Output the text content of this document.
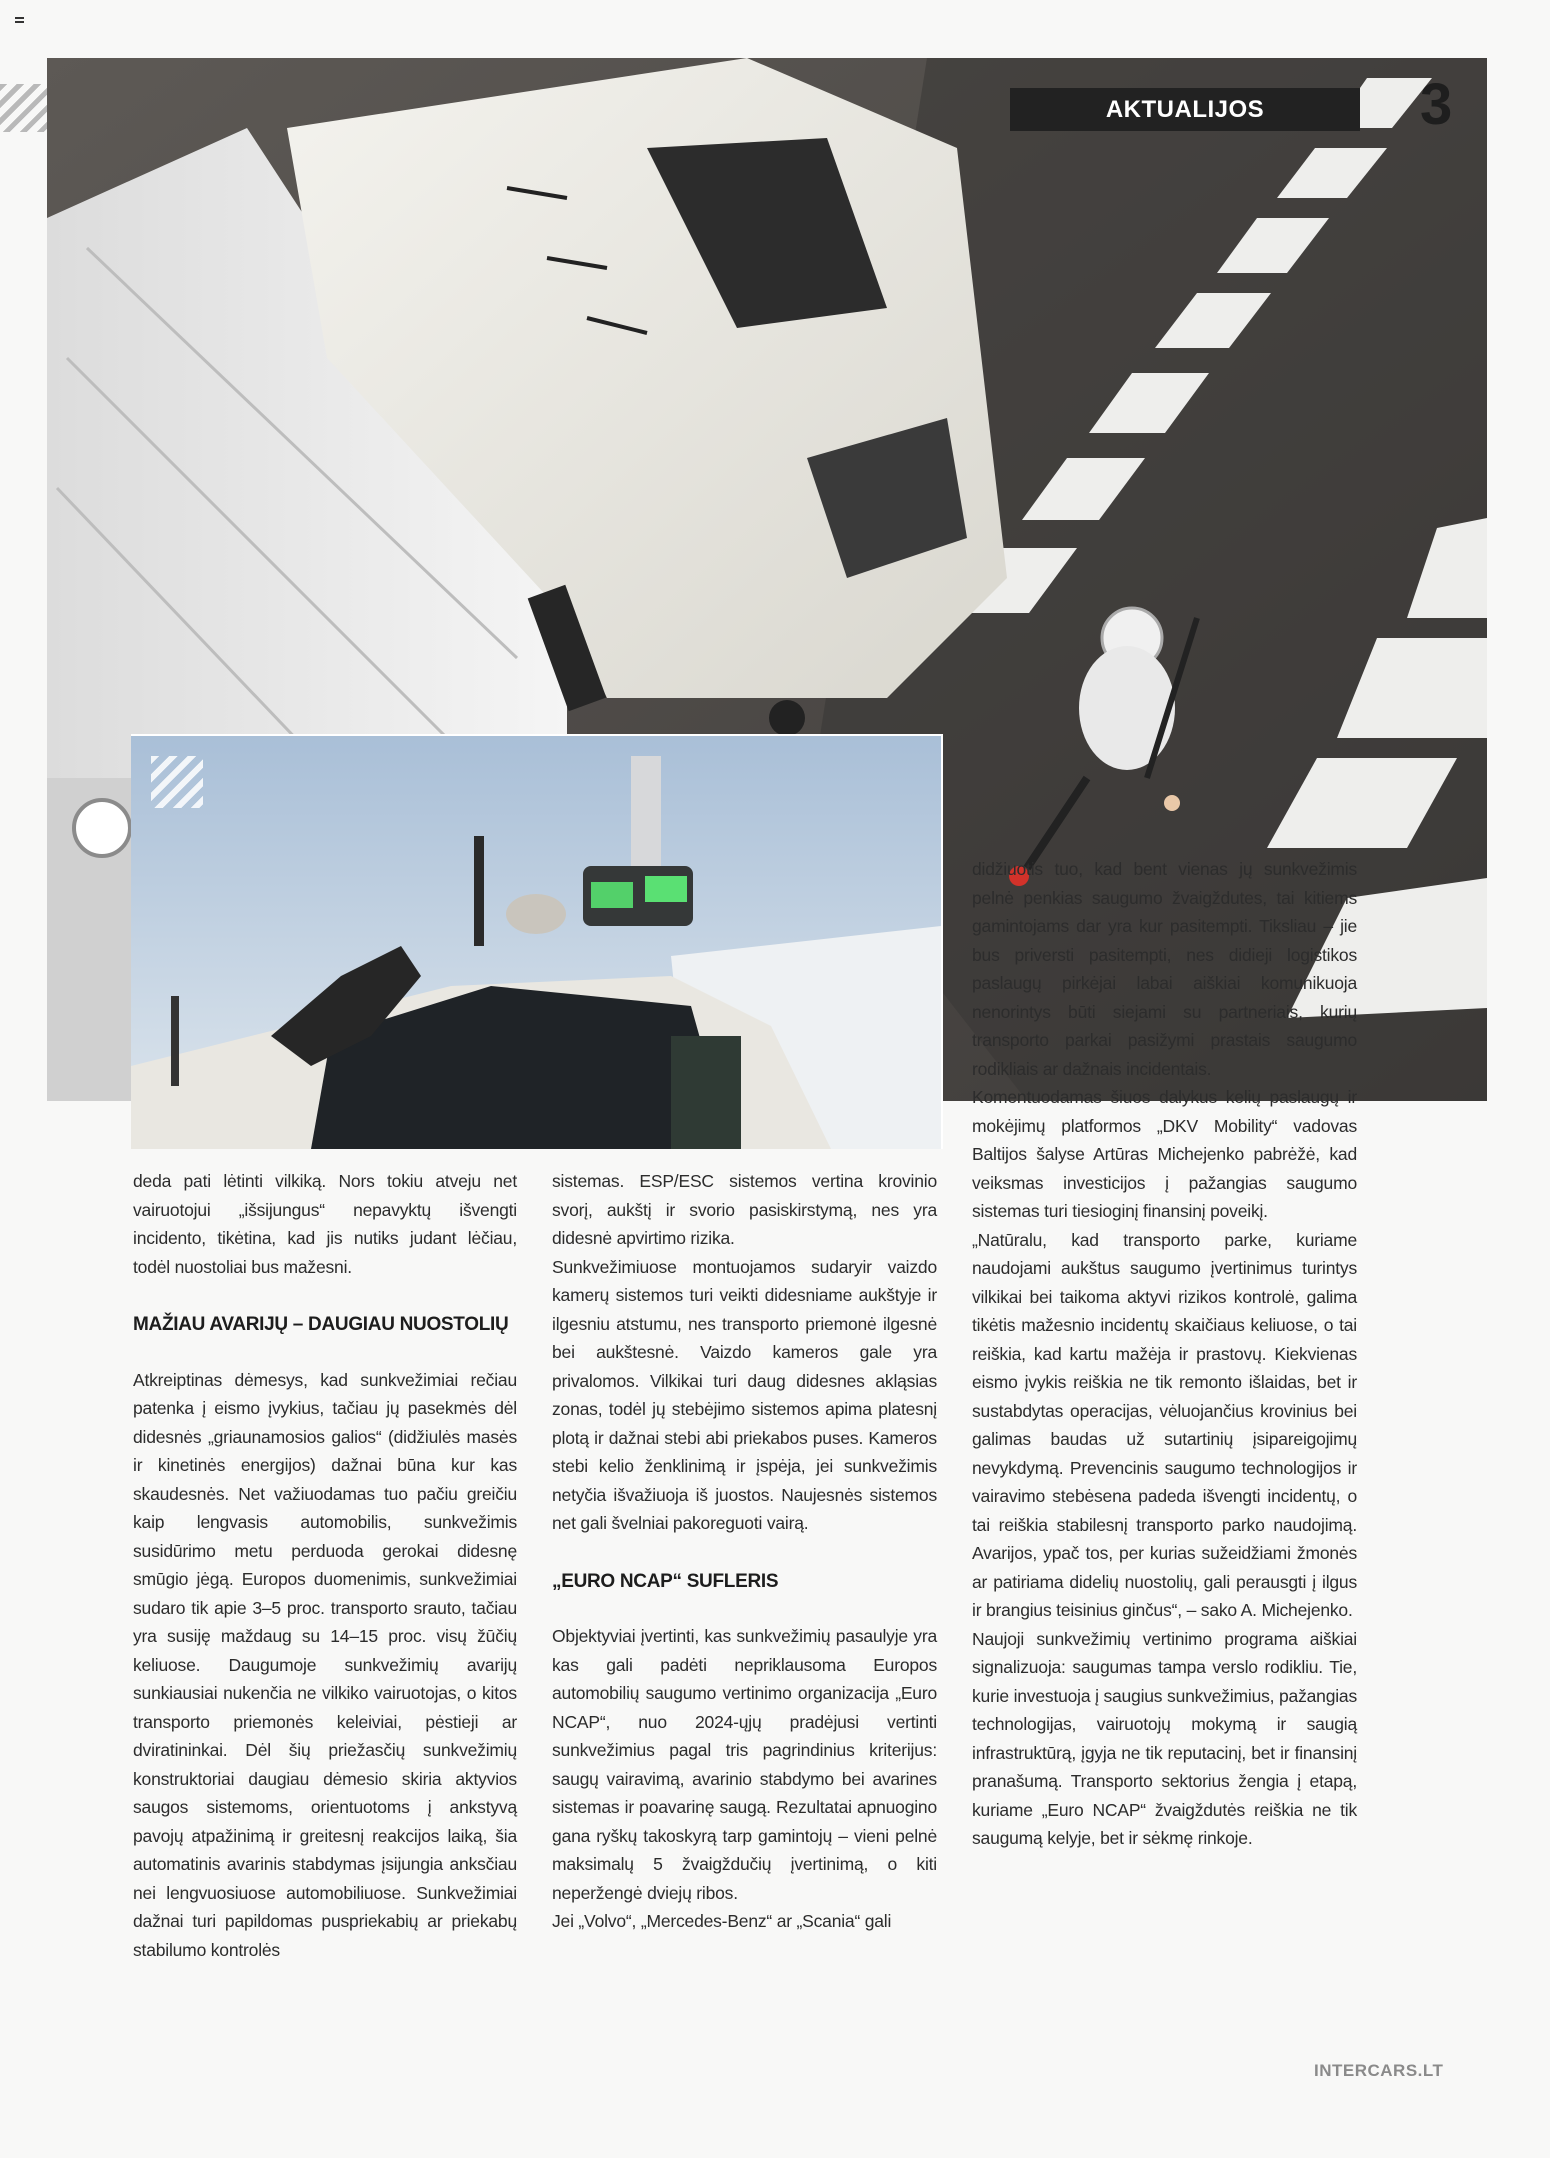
AKTUALIJOS	3

deda pati lėtinti vilkiką. Nors tokiu atveju net vairuotojui „išsijungus“ nepavyktų išvengti incidento, tikėtina, kad jis nutiks judant lėčiau, todėl nuostoliai bus mažesni.

MAŽIAU AVARIJŲ – DAUGIAU NUOSTOLIŲ

Atkreiptinas dėmesys, kad sunkvežimiai rečiau patenka į eismo įvykius, tačiau jų pasekmės dėl didesnės „griaunamosios galios“ (didžiulės masės ir kinetinės energijos) dažnai būna kur kas skaudesnės. Net važiuodamas tuo pačiu greičiu kaip lengvasis automobilis, sunkvežimis susidūrimo metu perduoda gerokai didesnę smūgio jėgą. Europos duomenimis, sunkvežimiai sudaro tik apie 3–5 proc. transporto srauto, tačiau yra susiję maždaug su 14–15 proc. visų žūčių keliuose. Daugumoje sunkvežimių avarijų sunkiausiai nukenčia ne vilkiko vairuotojas, o kitos transporto priemonės keleiviai, pėstieji ar dviratininkai. Dėl šių priežasčių sunkvežimių konstruktoriai daugiau dėmesio skiria aktyvios saugos sistemoms, orientuotoms į ankstyvą pavojų atpažinimą ir greitesnį reakcijos laiką, šia automatinis avarinis stabdymas įsijungia anksčiau nei lengvuosiuose automobiliuose. Sunkvežimiai dažnai turi papildomas puspriekabių ar priekabų stabilumo kontrolės

sistemas. ESP/ESC sistemos vertina krovinio svorį, aukštį ir svorio pasiskirstymą, nes yra didesnė apvirtimo rizika.

Sunkvežimiuose montuojamos sudaryir vaizdo kamerų sistemos turi veikti didesniame aukštyje ir ilgesniu atstumu, nes transporto priemonė ilgesnė bei aukštesnė. Vaizdo kameros gale yra privalomos. Vilkikai turi daug didesnes akląsias zonas, todėl jų stebėjimo sistemos apima platesnį plotą ir dažnai stebi abi priekabos puses. Kameros stebi kelio ženklinimą ir įspėja, jei sunkvežimis netyčia išvažiuoja iš juostos. Naujesnės sistemos net gali švelniai pakoreguoti vairą.

„EURO NCAP“ SUFLERIS

Objektyviai įvertinti, kas sunkvežimių pasaulyje yra kas gali padėti nepriklausoma Europos automobilių saugumo vertinimo organizacija „Euro NCAP“, nuo 2024-ųjų pradėjusi vertinti sunkvežimius pagal tris pagrindinius kriterijus: saugų vairavimą, avarinio stabdymo bei avarines sistemas ir poavarinę saugą. Rezultatai apnuogino gana ryškų takoskyrą tarp gamintojų – vieni pelnė maksimalų 5 žvaigždučių įvertinimą, o kiti neperžengė dviejų ribos.

Jei „Volvo“, „Mercedes-Benz“ ar „Scania“ gali

didžiuotis tuo, kad bent vienas jų sunkvežimis pelnė penkias saugumo žvaigždutes, tai kitiems gamintojams dar yra kur pasitempti. Tiksliau – jie bus priversti pasitempti, nes didieji logistikos paslaugų pirkėjai labai aiškiai komunikuoja nenorintys būti siejami su partneriais, kurių transporto parkai pasižymi prastais saugumo rodikliais ar dažnais incidentais.

Komentuodamas šiuos dalykus kelių paslaugų ir mokėjimų platformos „DKV Mobility“ vadovas Baltijos šalyse Artūras Michejenko pabrėžė, kad veiksmas investicijos į pažangias saugumo sistemas turi tiesioginį finansinį poveikį.

„Natūralu, kad transporto parke, kuriame naudojami aukštus saugumo įvertinimus turintys vilkikai bei taikoma aktyvi rizikos kontrolė, galima tikėtis mažesnio incidentų skaičiaus keliuose, o tai reiškia, kad kartu mažėja ir prastovų. Kiekvienas eismo įvykis reiškia ne tik remonto išlaidas, bet ir sustabdytas operacijas, vėluojančius krovinius bei galimas baudas už sutartinių įsipareigojimų nevykdymą. Prevencinis saugumo technologijos ir vairavimo stebėsena padeda išvengti incidentų, o tai reiškia stabilesnį transporto parko naudojimą. Avarijos, ypač tos, per kurias sužeidžiami žmonės ar patiriama didelių nuostolių, gali perausgti į ilgus ir brangius teisinius ginčus“, – sako A. Michejenko.

Naujoji sunkvežimių vertinimo programa aiškiai signalizuoja: saugumas tampa verslo rodikliu. Tie, kurie investuoja į saugius sunkvežimius, pažangias technologijas, vairuotojų mokymą ir saugią infrastruktūrą, įgyja ne tik reputacinį, bet ir finansinį pranašumą. Transporto sektorius žengia į etapą, kuriame „Euro NCAP“ žvaigždutės reiškia ne tik saugumą kelyje, bet ir sėkmę rinkoje.

INTERCARS.LT
